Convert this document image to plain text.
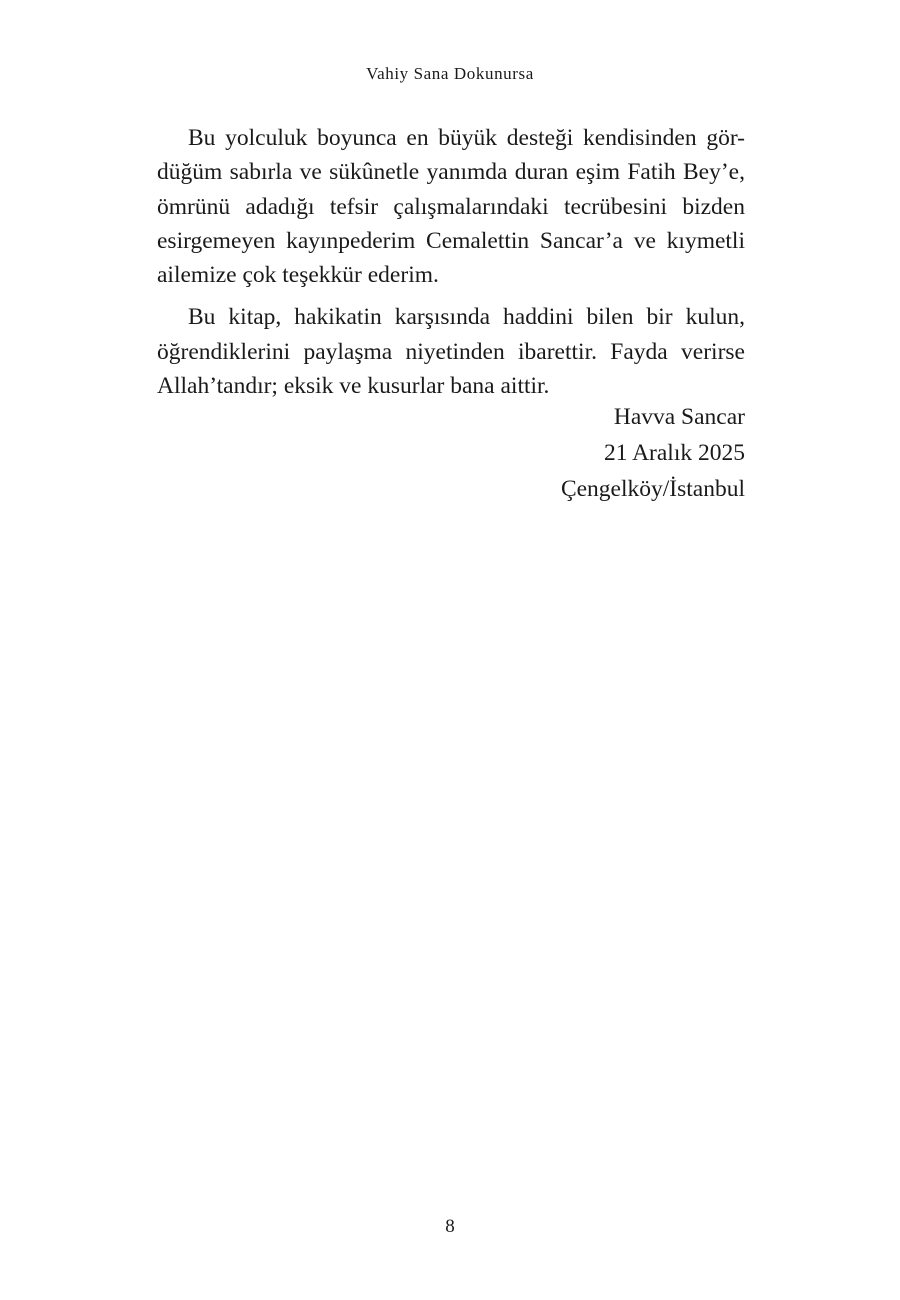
Vahiy Sana Dokunursa
Bu yolculuk boyunca en büyük desteği kendisinden gör-
düğüm sabırla ve sükûnetle yanımda duran eşim Fatih Bey’e,
ömrünü adadığı tefsir çalışmalarındaki tecrübesini bizden
esirgemeyen kayınpederim Cemalettin Sancar’a ve kıymetli
ailemize çok teşekkür ederim.
Bu kitap, hakikatin karşısında haddini bilen bir kulun,
öğrendiklerini paylaşma niyetinden ibarettir. Fayda verirse
Allah’tandır; eksik ve kusurlar bana aittir.
Havva Sancar
21 Aralık 2025
Çengelköy/İstanbul
8
